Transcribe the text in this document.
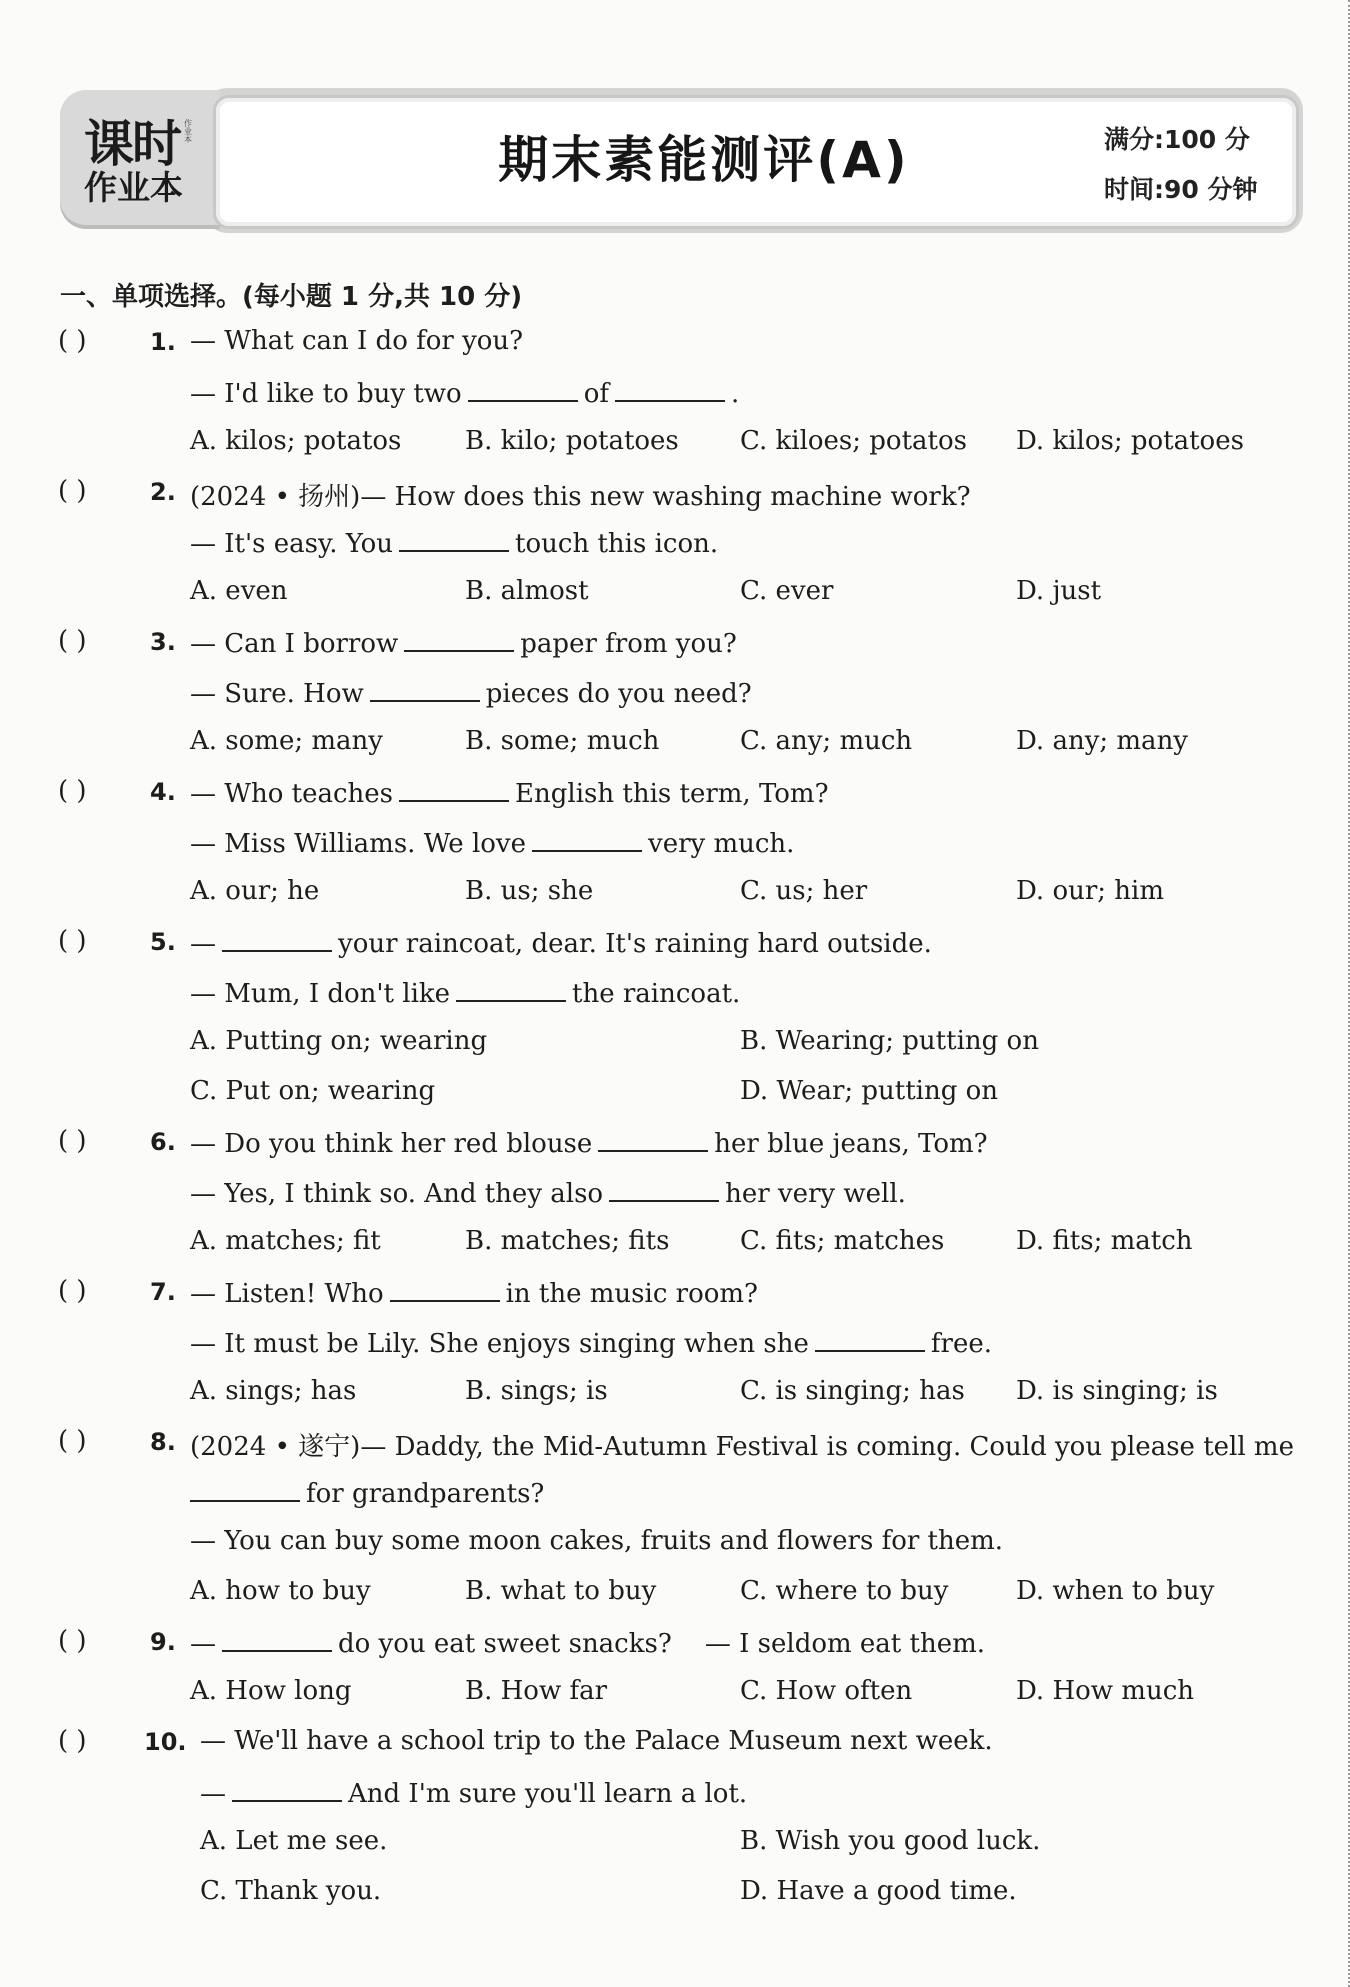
课时 作业本
作业本	期末素能测评(A)	满分:100 分
时间:90 分钟
一、单项选择。(每小题 1 分,共 10 分)
( )	1. — What can I do for you?
— I'd like to buy two	of	.
A. kilos; potatos B. kilo; potatoes C. kiloes; potatos D. kilos; potatoes
( )	2. (2024 • 扬州)— How does this new washing machine work?
— It's easy. You	touch this icon.
A. even	B. almost	C. ever	D. just
( )	3. — Can I borrow	paper from you?
— Sure. How	pieces do you need?
A. some; many	B. some; much	C. any; much	D. any; many
( )	4. — Who teaches	English this term, Tom?
— Miss Williams. We love	very much.
A. our; he	B. us; she	C. us; her	D. our; him
( )	5. —	your raincoat, dear. It's raining hard outside.
— Mum, I don't like	the raincoat.
A. Putting on; wearing	B. Wearing; putting on
C. Put on; wearing	D. Wear; putting on
( )	6. — Do you think her red blouse	her blue jeans, Tom?
— Yes, I think so. And they also	her very well.
A. matches; fit	B. matches; fits	C. fits; matches	D. fits; match
( )	7. — Listen! Who	in the music room?
— It must be Lily. She enjoys singing when she	free.
A. sings; has	B. sings; is	C. is singing; has D. is singing; is
( )	8. (2024 • 遂宁)— Daddy, the Mid-Autumn Festival is coming. Could you please tell me
for grandparents?
— You can buy some moon cakes, fruits and flowers for them.
A. how to buy	B. what to buy	C. where to buy	D. when to buy
( )	9. —	do you eat sweet snacks? — I seldom eat them.
A. How long	B. How far	C. How often	D. How much
( ) 10. — We'll have a school trip to the Palace Museum next week.
—	And I'm sure you'll learn a lot.
A. Let me see.	B. Wish you good luck.
C. Thank you.	D. Have a good time.
